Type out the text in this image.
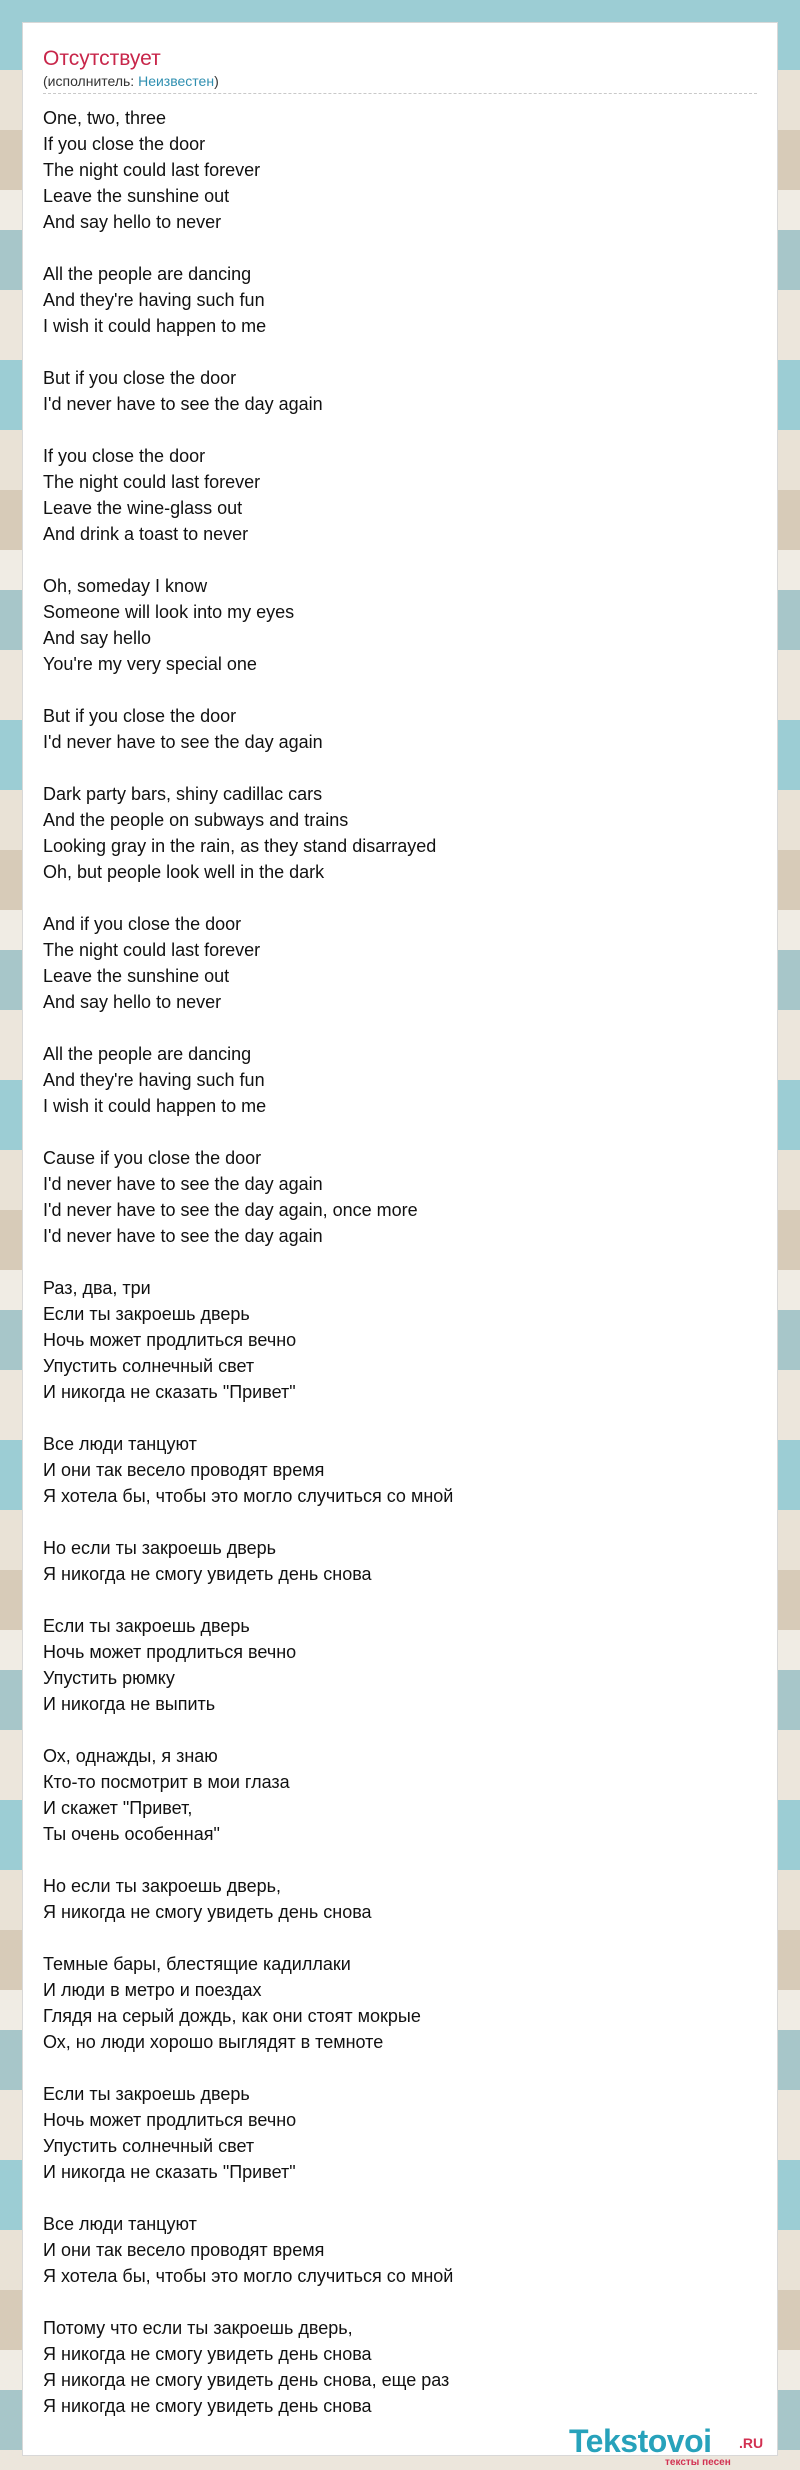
Отсутствует
(исполнитель: Неизвестен)
One, two, three
If you close the door
The night could last forever
Leave the sunshine out
And say hello to never
All the people are dancing
And they're having such fun
I wish it could happen to me
But if you close the door
I'd never have to see the day again
If you close the door
The night could last forever
Leave the wine-glass out
And drink a toast to never
Oh, someday I know
Someone will look into my eyes
And say hello
You're my very special one
But if you close the door
I'd never have to see the day again
Dark party bars, shiny cadillac cars
And the people on subways and trains
Looking gray in the rain, as they stand disarrayed
Oh, but people look well in the dark
And if you close the door
The night could last forever
Leave the sunshine out
And say hello to never
All the people are dancing
And they're having such fun
I wish it could happen to me
Cause if you close the door
I'd never have to see the day again
I'd never have to see the day again, once more
I'd never have to see the day again
Раз, два, три
Если ты закроешь дверь
Ночь может продлиться вечно
Упустить солнечный свет
И никогда не сказать "Привет"
Все люди танцуют
И они так весело проводят время
Я хотела бы, чтобы это могло случиться со мной
Но если ты закроешь дверь
Я никогда не смогу увидеть день снова
Если ты закроешь дверь
Ночь может продлиться вечно
Упустить рюмку
И никогда не выпить
Ох, однажды, я знаю
Кто-то посмотрит в мои глаза
И скажет "Привет,
Ты очень особенная"
Но если ты закроешь дверь,
Я никогда не смогу увидеть день снова
Темные бары, блестящие кадиллаки
И люди в метро и поездах
Глядя на серый дождь, как они стоят мокрые
Ох, но люди хорошо выглядят в темноте
Если ты закроешь дверь
Ночь может продлиться вечно
Упустить солнечный свет
И никогда не сказать "Привет"
Все люди танцуют
И они так весело проводят время
Я хотела бы, чтобы это могло случиться со мной
Потому что если ты закроешь дверь,
Я никогда не смогу увидеть день снова
Я никогда не смогу увидеть день снова, еще раз
Я никогда не смогу увидеть день снова
Tekstovoi .RU
тексты песен
